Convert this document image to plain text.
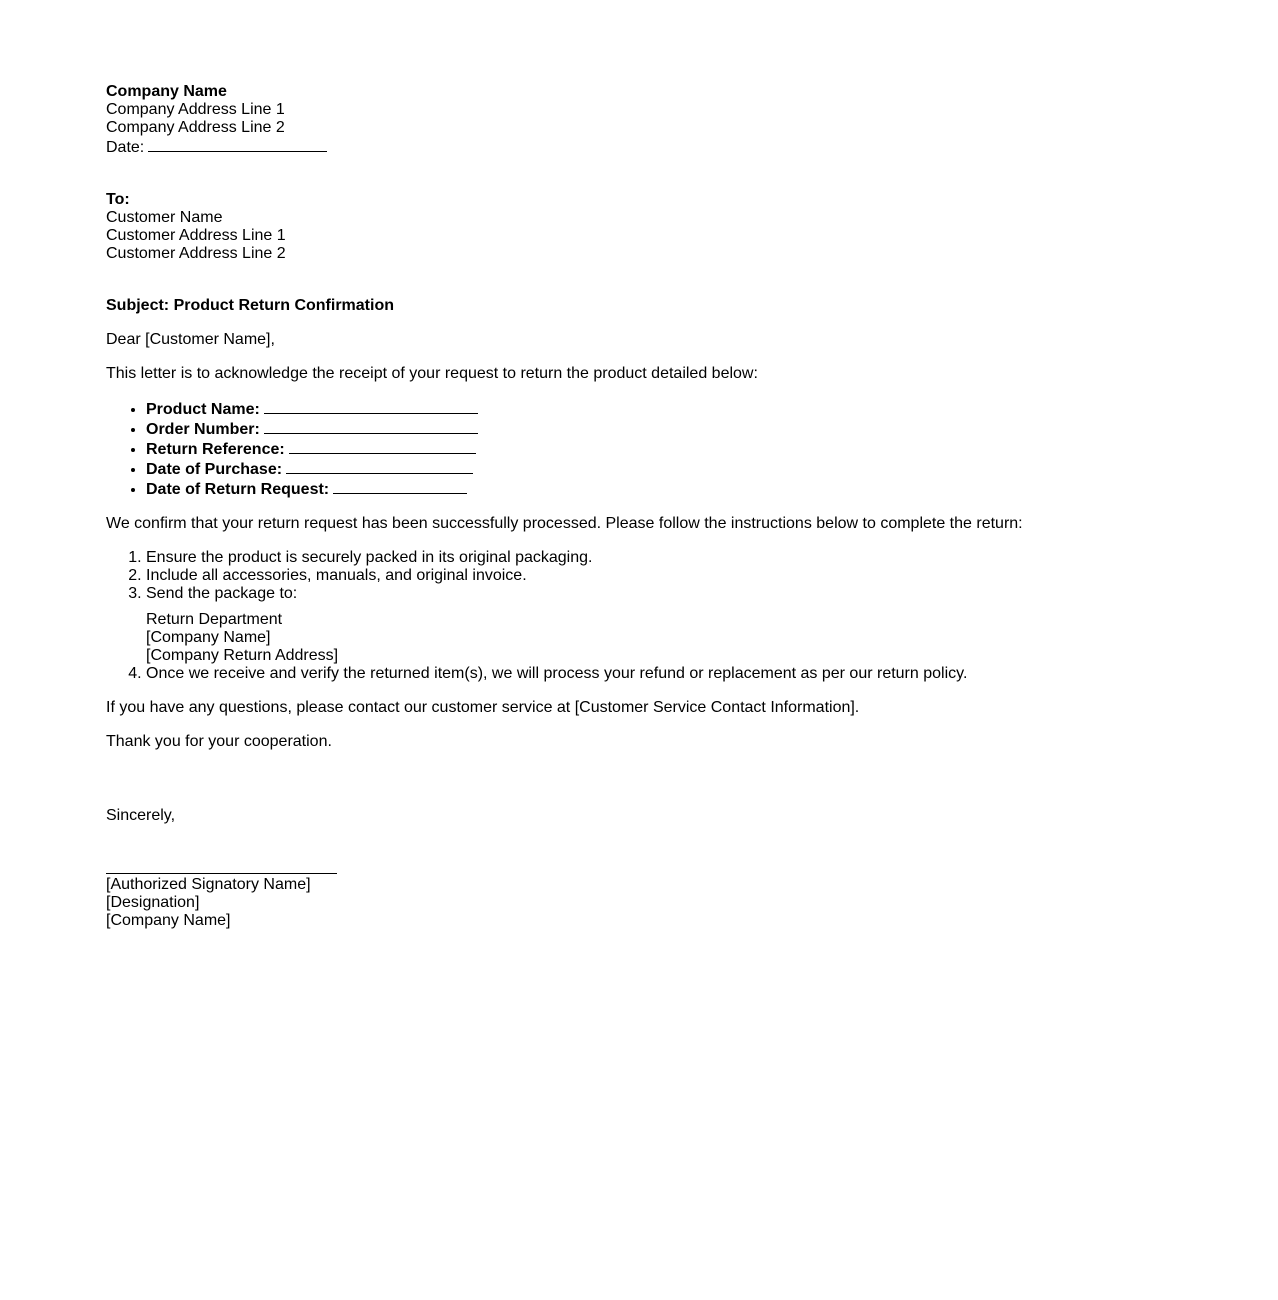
Company Name

Company Address Line 1

Company Address Line 2

Date:

To:

Customer Name

Customer Address Line 1

Customer Address Line 2

Subject: Product Return Confirmation

Dear [Customer Name],

This letter is to acknowledge the receipt of your request to return the product detailed below:

• Product Name:
• Order Number:
• Return Reference:
• Date of Purchase:
• Date of Return Request:

We confirm that your return request has been successfully processed. Please follow the instructions below to complete the return:

1. Ensure the product is securely packed in its original packaging.
2. Include all accessories, manuals, and original invoice.
3. Send the package to:

Return Department

[Company Name]

[Company Return Address]

4. Once we receive and verify the returned item(s), we will process your refund or replacement as per our return policy.

If you have any questions, please contact our customer service at [Customer Service Contact Information].

Thank you for your cooperation.

Sincerely,

[Authorized Signatory Name]

[Designation]

[Company Name]
